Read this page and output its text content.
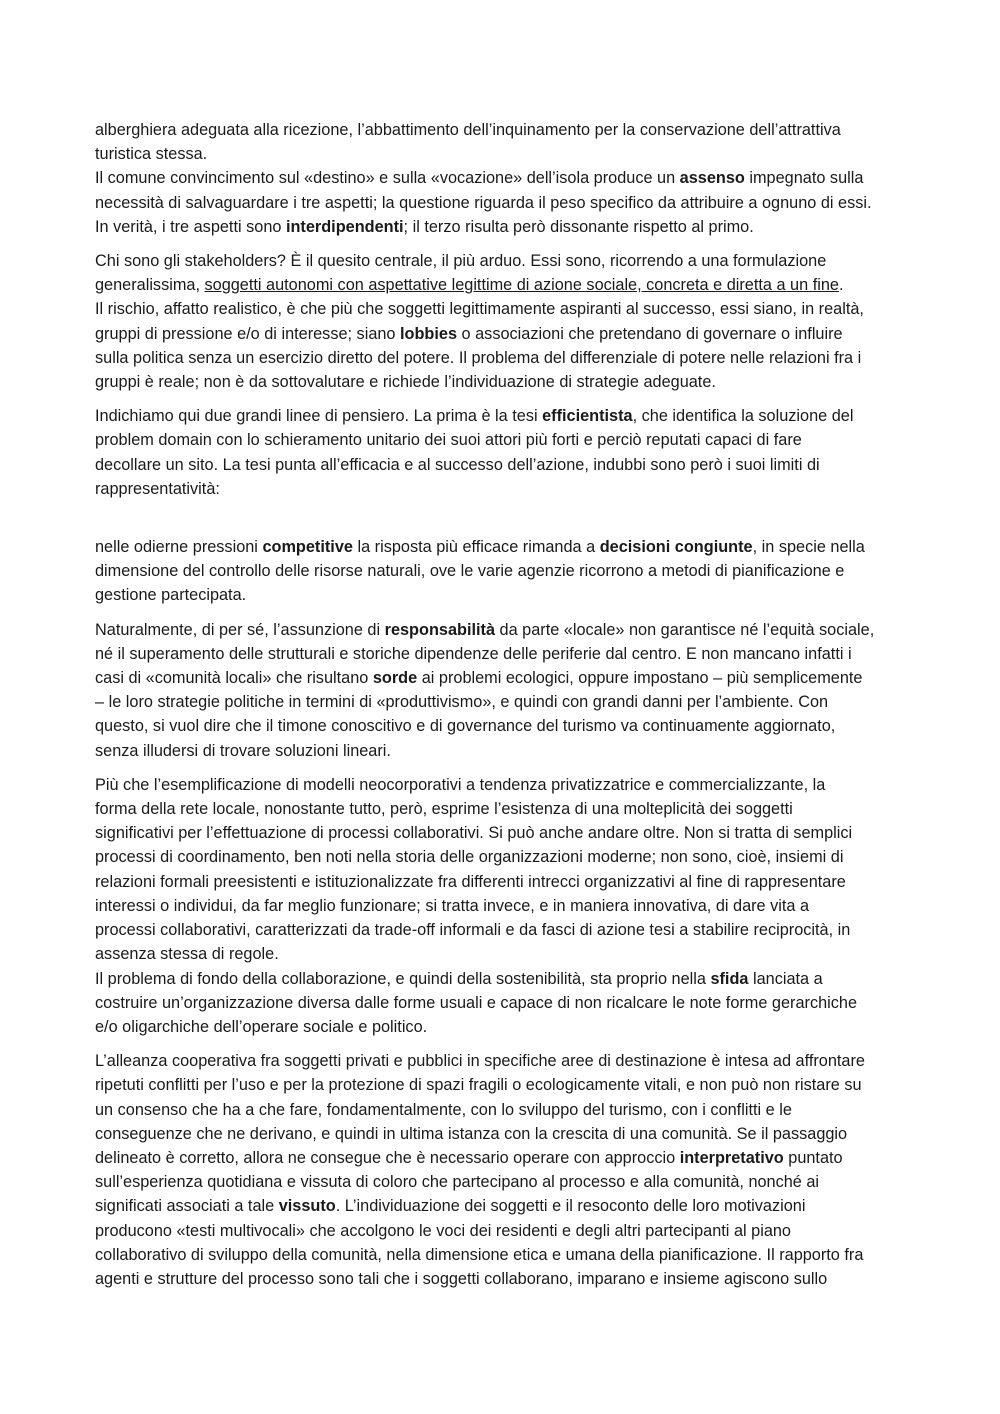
alberghiera adeguata alla ricezione, l’abbattimento dell’inquinamento per la conservazione dell’attrattiva
turistica stessa.
Il comune convincimento sul «destino» e sulla «vocazione» dell’isola produce un assenso impegnato sulla
necessità di salvaguardare i tre aspetti; la questione riguarda il peso specifico da attribuire a ognuno di essi.
In verità, i tre aspetti sono interdipendenti; il terzo risulta però dissonante rispetto al primo.
Chi sono gli stakeholders? È il quesito centrale, il più arduo. Essi sono, ricorrendo a una formulazione
generalissima, soggetti autonomi con aspettative legittime di azione sociale, concreta e diretta a un fine.
Il rischio, affatto realistico, è che più che soggetti legittimamente aspiranti al successo, essi siano, in realtà,
gruppi di pressione e/o di interesse; siano lobbies o associazioni che pretendano di governare o influire
sulla politica senza un esercizio diretto del potere. Il problema del differenziale di potere nelle relazioni fra i
gruppi è reale; non è da sottovalutare e richiede l’individuazione di strategie adeguate.
Indichiamo qui due grandi linee di pensiero. La prima è la tesi efficientista, che identifica la soluzione del
problem domain con lo schieramento unitario dei suoi attori più forti e perciò reputati capaci di fare
decollare un sito. La tesi punta all’efficacia e al successo dell’azione, indubbi sono però i suoi limiti di
rappresentatività:
nelle odierne pressioni competitive la risposta più efficace rimanda a decisioni congiunte, in specie nella
dimensione del controllo delle risorse naturali, ove le varie agenzie ricorrono a metodi di pianificazione e
gestione partecipata.
Naturalmente, di per sé, l’assunzione di responsabilità da parte «locale» non garantisce né l’equità sociale,
né il superamento delle strutturali e storiche dipendenze delle periferie dal centro. E non mancano infatti i
casi di «comunità locali» che risultano sorde ai problemi ecologici, oppure impostano – più semplicemente
– le loro strategie politiche in termini di «produttivismo», e quindi con grandi danni per l’ambiente. Con
questo, si vuol dire che il timone conoscitivo e di governance del turismo va continuamente aggiornato,
senza illudersi di trovare soluzioni lineari.
Più che l’esemplificazione di modelli neocorporativi a tendenza privatizzatrice e commercializzante, la
forma della rete locale, nonostante tutto, però, esprime l’esistenza di una molteplicità dei soggetti
significativi per l’effettuazione di processi collaborativi. Si può anche andare oltre. Non si tratta di semplici
processi di coordinamento, ben noti nella storia delle organizzazioni moderne; non sono, cioè, insiemi di
relazioni formali preesistenti e istituzionalizzate fra differenti intrecci organizzativi al fine di rappresentare
interessi o individui, da far meglio funzionare; si tratta invece, e in maniera innovativa, di dare vita a
processi collaborativi, caratterizzati da trade-off informali e da fasci di azione tesi a stabilire reciprocità, in
assenza stessa di regole.
Il problema di fondo della collaborazione, e quindi della sostenibilità, sta proprio nella sfida lanciata a
costruire un’organizzazione diversa dalle forme usuali e capace di non ricalcare le note forme gerarchiche
e/o oligarchiche dell’operare sociale e politico.
L’alleanza cooperativa fra soggetti privati e pubblici in specifiche aree di destinazione è intesa ad affrontare
ripetuti conflitti per l’uso e per la protezione di spazi fragili o ecologicamente vitali, e non può non ristare su
un consenso che ha a che fare, fondamentalmente, con lo sviluppo del turismo, con i conflitti e le
conseguenze che ne derivano, e quindi in ultima istanza con la crescita di una comunità. Se il passaggio
delineato è corretto, allora ne consegue che è necessario operare con approccio interpretativo puntato
sull’esperienza quotidiana e vissuta di coloro che partecipano al processo e alla comunità, nonché ai
significati associati a tale vissuto. L’individuazione dei soggetti e il resoconto delle loro motivazioni
producono «testi multivocali» che accolgono le voci dei residenti e degli altri partecipanti al piano
collaborativo di sviluppo della comunità, nella dimensione etica e umana della pianificazione. Il rapporto fra
agenti e strutture del processo sono tali che i soggetti collaborano, imparano e insieme agiscono sullo
